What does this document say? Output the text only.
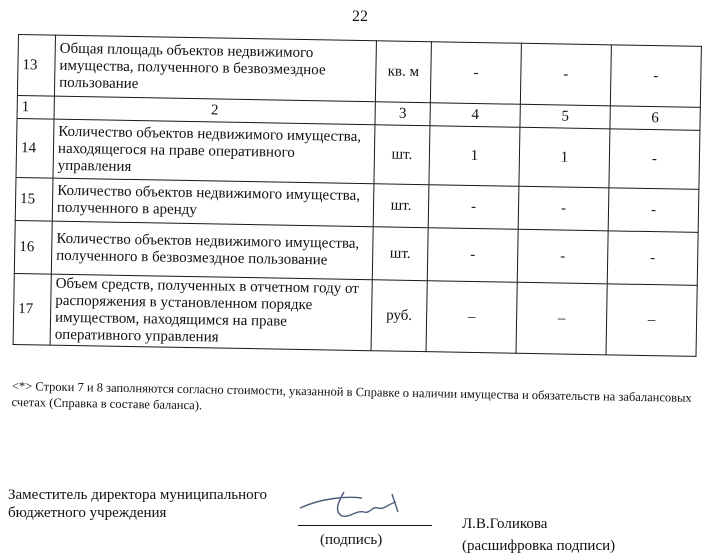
22
13	Общая площадь объектов недвижимого имущества, полученного в безвозмездное пользование	кв. м	-	-	-
1	2	3	4	5	6
14	Количество объектов недвижимого имущества, находящегося на праве оперативного управления	шт.	1	1	-
15	Количество объектов недвижимого имущества, полученного в аренду	шт.	-	-	-
16	Количество объектов недвижимого имущества, полученного в безвозмездное пользование	шт.	-	-	-
17	Объем средств, полученных в отчетном году от распоряжения в установленном порядке имуществом, находящимся на праве оперативного управления	руб.	–	–	–
<*> Строки 7 и 8 заполняются согласно стоимости, указанной в Справке о наличии имущества и обязательств на забалансовых счетах (Справка в составе баланса).
Заместитель директора муниципального
бюджетного учреждения
Л.В.Голикова
(подпись)	(расшифровка подписи)
